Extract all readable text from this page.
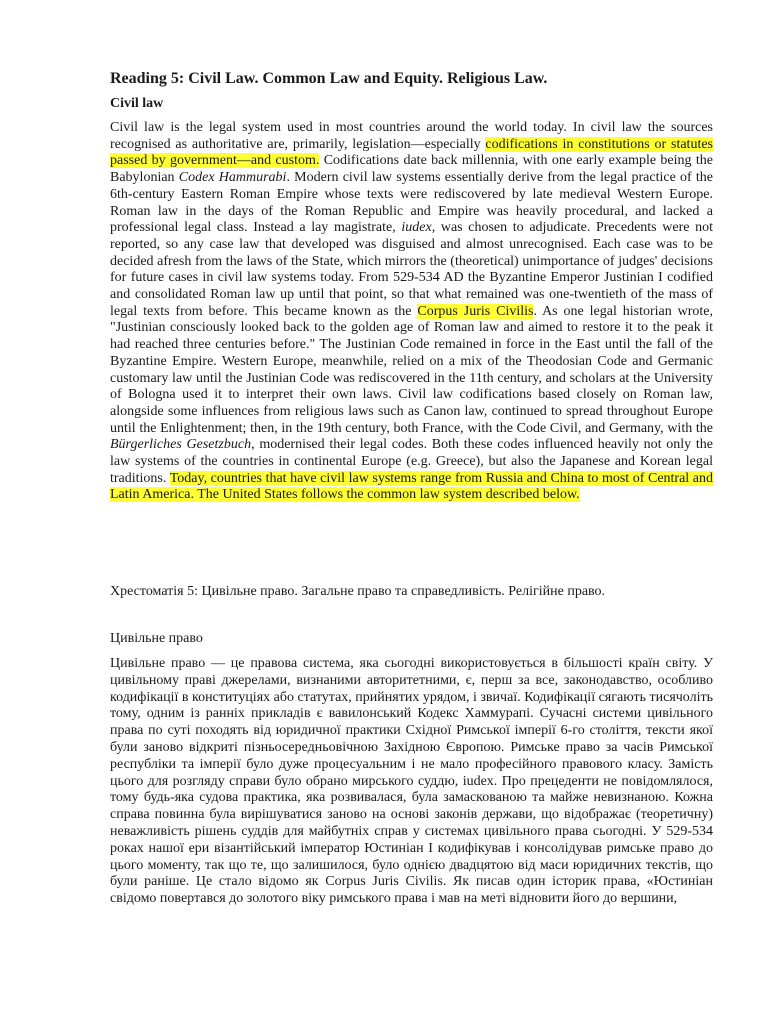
Reading 5: Civil Law. Common Law and Equity. Religious Law.
Civil law

Civil law is the legal system used in most countries around the world today. In civil law the sources recognised as authoritative are, primarily, legislation—especially codifications in constitutions or statutes passed by government—and custom. Codifications date back millennia, with one early example being the Babylonian Codex Hammurabi. Modern civil law systems essentially derive from the legal practice of the 6th-century Eastern Roman Empire whose texts were rediscovered by late medieval Western Europe. Roman law in the days of the Roman Republic and Empire was heavily procedural, and lacked a professional legal class. Instead a lay magistrate, iudex, was chosen to adjudicate. Precedents were not reported, so any case law that developed was disguised and almost unrecognised. Each case was to be decided afresh from the laws of the State, which mirrors the (theoretical) unimportance of judges' decisions for future cases in civil law systems today. From 529-534 AD the Byzantine Emperor Justinian I codified and consolidated Roman law up until that point, so that what remained was one-twentieth of the mass of legal texts from before. This became known as the Corpus Juris Civilis. As one legal historian wrote, "Justinian consciously looked back to the golden age of Roman law and aimed to restore it to the peak it had reached three centuries before." The Justinian Code remained in force in the East until the fall of the Byzantine Empire. Western Europe, meanwhile, relied on a mix of the Theodosian Code and Germanic customary law until the Justinian Code was rediscovered in the 11th century, and scholars at the University of Bologna used it to interpret their own laws. Civil law codifications based closely on Roman law, alongside some influences from religious laws such as Canon law, continued to spread throughout Europe until the Enlightenment; then, in the 19th century, both France, with the Code Civil, and Germany, with the Bürgerliches Gesetzbuch, modernised their legal codes. Both these codes influenced heavily not only the law systems of the countries in continental Europe (e.g. Greece), but also the Japanese and Korean legal traditions. Today, countries that have civil law systems range from Russia and China to most of Central and Latin America. The United States follows the common law system described below.

Хрестоматія 5: Цивільне право. Загальне право та справедливість. Релігійне право.

Цивільне право

Цивільне право — це правова система, яка сьогодні використовується в більшості країн світу. У цивільному праві джерелами, визнаними авторитетними, є, перш за все, законодавство, особливо кодифікації в конституціях або статутах, прийнятих урядом, і звичаї. Кодифікації сягають тисячоліть тому, одним із ранніх прикладів є вавилонський Кодекс Хаммурапі. Сучасні системи цивільного права по суті походять від юридичної практики Східної Римської імперії 6-го століття, тексти якої були заново відкриті пізньосередньовічною Західною Європою. Римське право за часів Римської республіки та імперії було дуже процесуальним і не мало професійного правового класу. Замість цього для розгляду справи було обрано мирського суддю, iudex. Про прецеденти не повідомлялося, тому будь-яка судова практика, яка розвивалася, була замаскованою та майже невизнаною. Кожна справа повинна була вирішуватися заново на основі законів держави, що відображає (теоретичну) неважливість рішень суддів для майбутніх справ у системах цивільного права сьогодні. У 529-534 роках нашої ери візантійський імператор Юстиніан I кодифікував і консолідував римське право до цього моменту, так що те, що залишилося, було однією двадцятою від маси юридичних текстів, що були раніше. Це стало відомо як Corpus Juris Civilis. Як писав один історик права, «Юстиніан свідомо повертався до золотого віку римського права і мав на меті відновити його до вершини,
